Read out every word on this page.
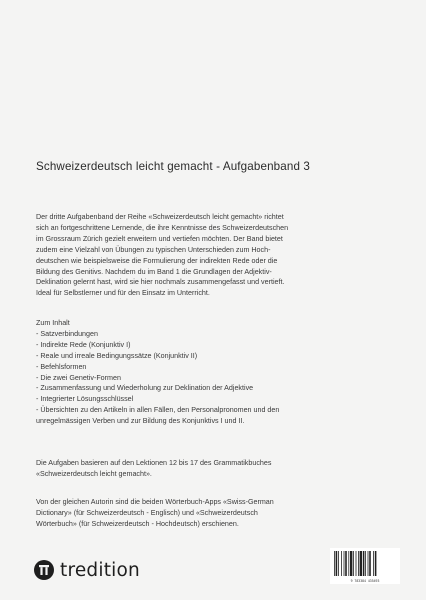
Schweizerdeutsch leicht gemacht - Aufgabenband 3
Der dritte Aufgabenband der Reihe «Schweizerdeutsch leicht gemacht» richtet
sich an fortgeschrittene Lernende, die ihre Kenntnisse des Schweizerdeutschen
im Grossraum Zürich gezielt erweitern und vertiefen möchten. Der Band bietet
zudem eine Vielzahl von Übungen zu typischen Unterschieden zum Hoch-
deutschen wie beispielsweise die Formulierung der indirekten Rede oder die
Bildung des Genitivs. Nachdem du im Band 1 die Grundlagen der Adjektiv-
Deklination gelernt hast, wird sie hier nochmals zusammengefasst und vertieft.
Ideal für Selbstlerner und für den Einsatz im Unterricht.
Zum Inhalt
- Satzverbindungen
- Indirekte Rede (Konjunktiv I)
- Reale und irreale Bedingungssätze (Konjunktiv II)
- Befehlsformen
- Die zwei Genetiv-Formen
- Zusammenfassung und Wiederholung zur Deklination der Adjektive
- Integrierter Lösungsschlüssel
- Übersichten zu den Artikeln in allen Fällen, den Personalpronomen und den
unregelmässigen Verben und zur Bildung des Konjunktivs I und II.
Die Aufgaben basieren auf den Lektionen 12 bis 17 des Grammatikbuches
«Schweizerdeutsch leicht gemacht».
Von der gleichen Autorin sind die beiden Wörterbuch-Apps «Swiss-German
Dictionary» (für Schweizerdeutsch - Englisch) und «Schweizerdeutsch
Wörterbuch» (für Schweizerdeutsch - Hochdeutsch) erschienen.
tredition
9 783384 435493
